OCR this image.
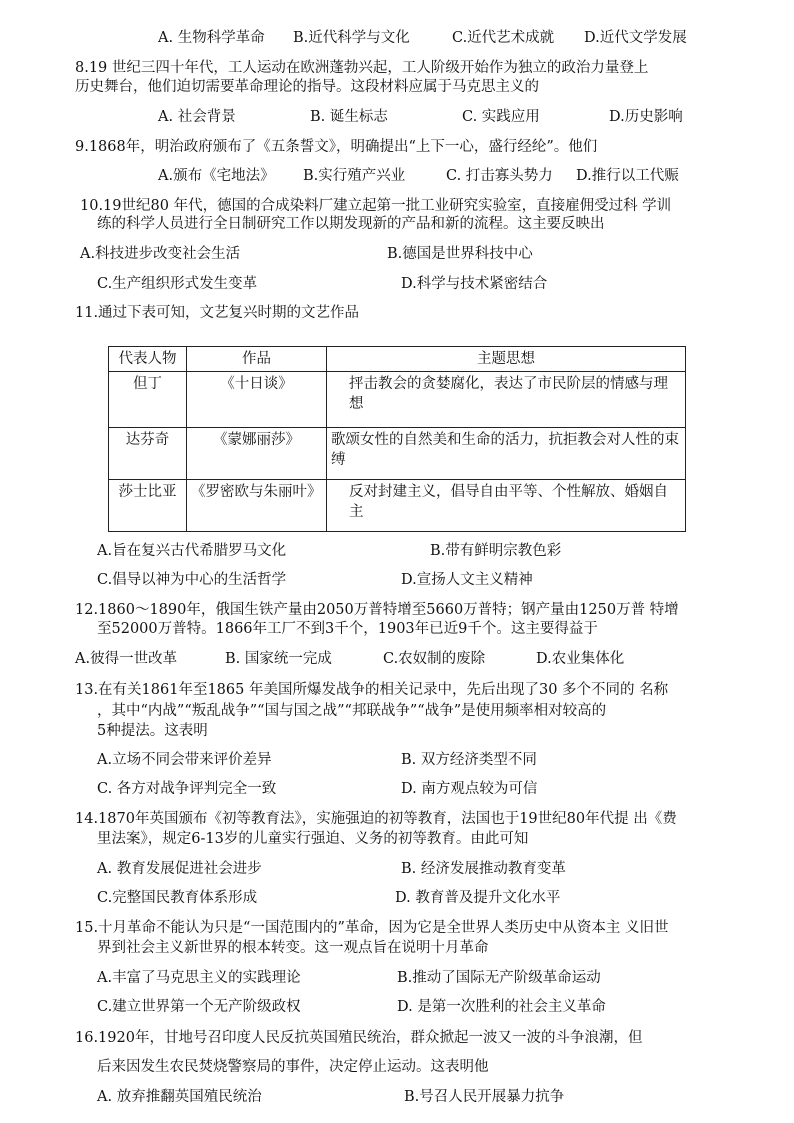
A. 生物科学革命 B.近代科学与文化	C.近代艺术成就 D.近代文学发展
8.19 世纪三四十年代，工人运动在欧洲蓬勃兴起，工人阶级开始作为独立的政治力量登上
历史舞台，他们迫切需要革命理论的指导。这段材料应属于马克思主义的
A. 社会背景	B. 诞生标志	C. 实践应用	D.历史影响
9.1868年，明治政府颁布了《五条誓文》，明确提出“上下一心，盛行经纶”。他们
A.颁布《宅地法》 B.实行殖产兴业	C. 打击寡头势力 D.推行以工代赈
10.19世纪80 年代，德国的合成染料厂建立起第一批工业研究实验室，直接雇佣受过科 学训
练的科学人员进行全日制研究工作以期发现新的产品和新的流程。这主要反映出
A.科技进步改变社会生活	B.德国是世界科技中心
C.生产组织形式发生变革	D.科学与技术紧密结合
11.通过下表可知，文艺复兴时期的文艺作品
代表人物	作品	主题思想
但丁	《十日谈》	抨击教会的贪婪腐化，表达了市民阶层的情感与理想
达芬奇	《蒙娜丽莎》	歌颂女性的自然美和生命的活力，抗拒教会对人性的束缚
莎士比亚	《罗密欧与朱丽叶》	反对封建主义，倡导自由平等、个性解放、婚姻自主
A.旨在复兴古代希腊罗马文化	B.带有鲜明宗教色彩
C.倡导以神为中心的生活哲学	D.宣扬人文主义精神
12.1860～1890年，俄国生铁产量由2050万普特增至5660万普特；钢产量由1250万普 特增
至52000万普特。1866年工厂不到3千个，1903年已近9千个。这主要得益于
A.彼得一世改革	B. 国家统一完成	C.农奴制的废除	D.农业集体化
13.在有关1861年至1865 年美国所爆发战争的相关记录中，先后出现了30 多个不同的 名称
，其中“内战”“叛乱战争”“国与国之战”“邦联战争”“战争”是使用频率相对较高的
5种提法。这表明
A.立场不同会带来评价差异	B. 双方经济类型不同
C. 各方对战争评判完全一致	D. 南方观点较为可信
14.1870年英国颁布《初等教育法》，实施强迫的初等教育，法国也于19世纪80年代提 出《费
里法案》，规定6-13岁的儿童实行强迫、义务的初等教育。由此可知
A. 教育发展促进社会进步	B. 经济发展推动教育变革
C.完整国民教育体系形成	D. 教育普及提升文化水平
15.十月革命不能认为只是“一国范围内的”革命，因为它是全世界人类历史中从资本主 义旧世
界到社会主义新世界的根本转变。这一观点旨在说明十月革命
A.丰富了马克思主义的实践理论	B.推动了国际无产阶级革命运动
C.建立世界第一个无产阶级政权	D. 是第一次胜利的社会主义革命
16.1920年，甘地号召印度人民反抗英国殖民统治，群众掀起一波又一波的斗争浪潮，但
后来因发生农民焚烧警察局的事件，决定停止运动。这表明他
A. 放弃推翻英国殖民统治	B.号召人民开展暴力抗争
